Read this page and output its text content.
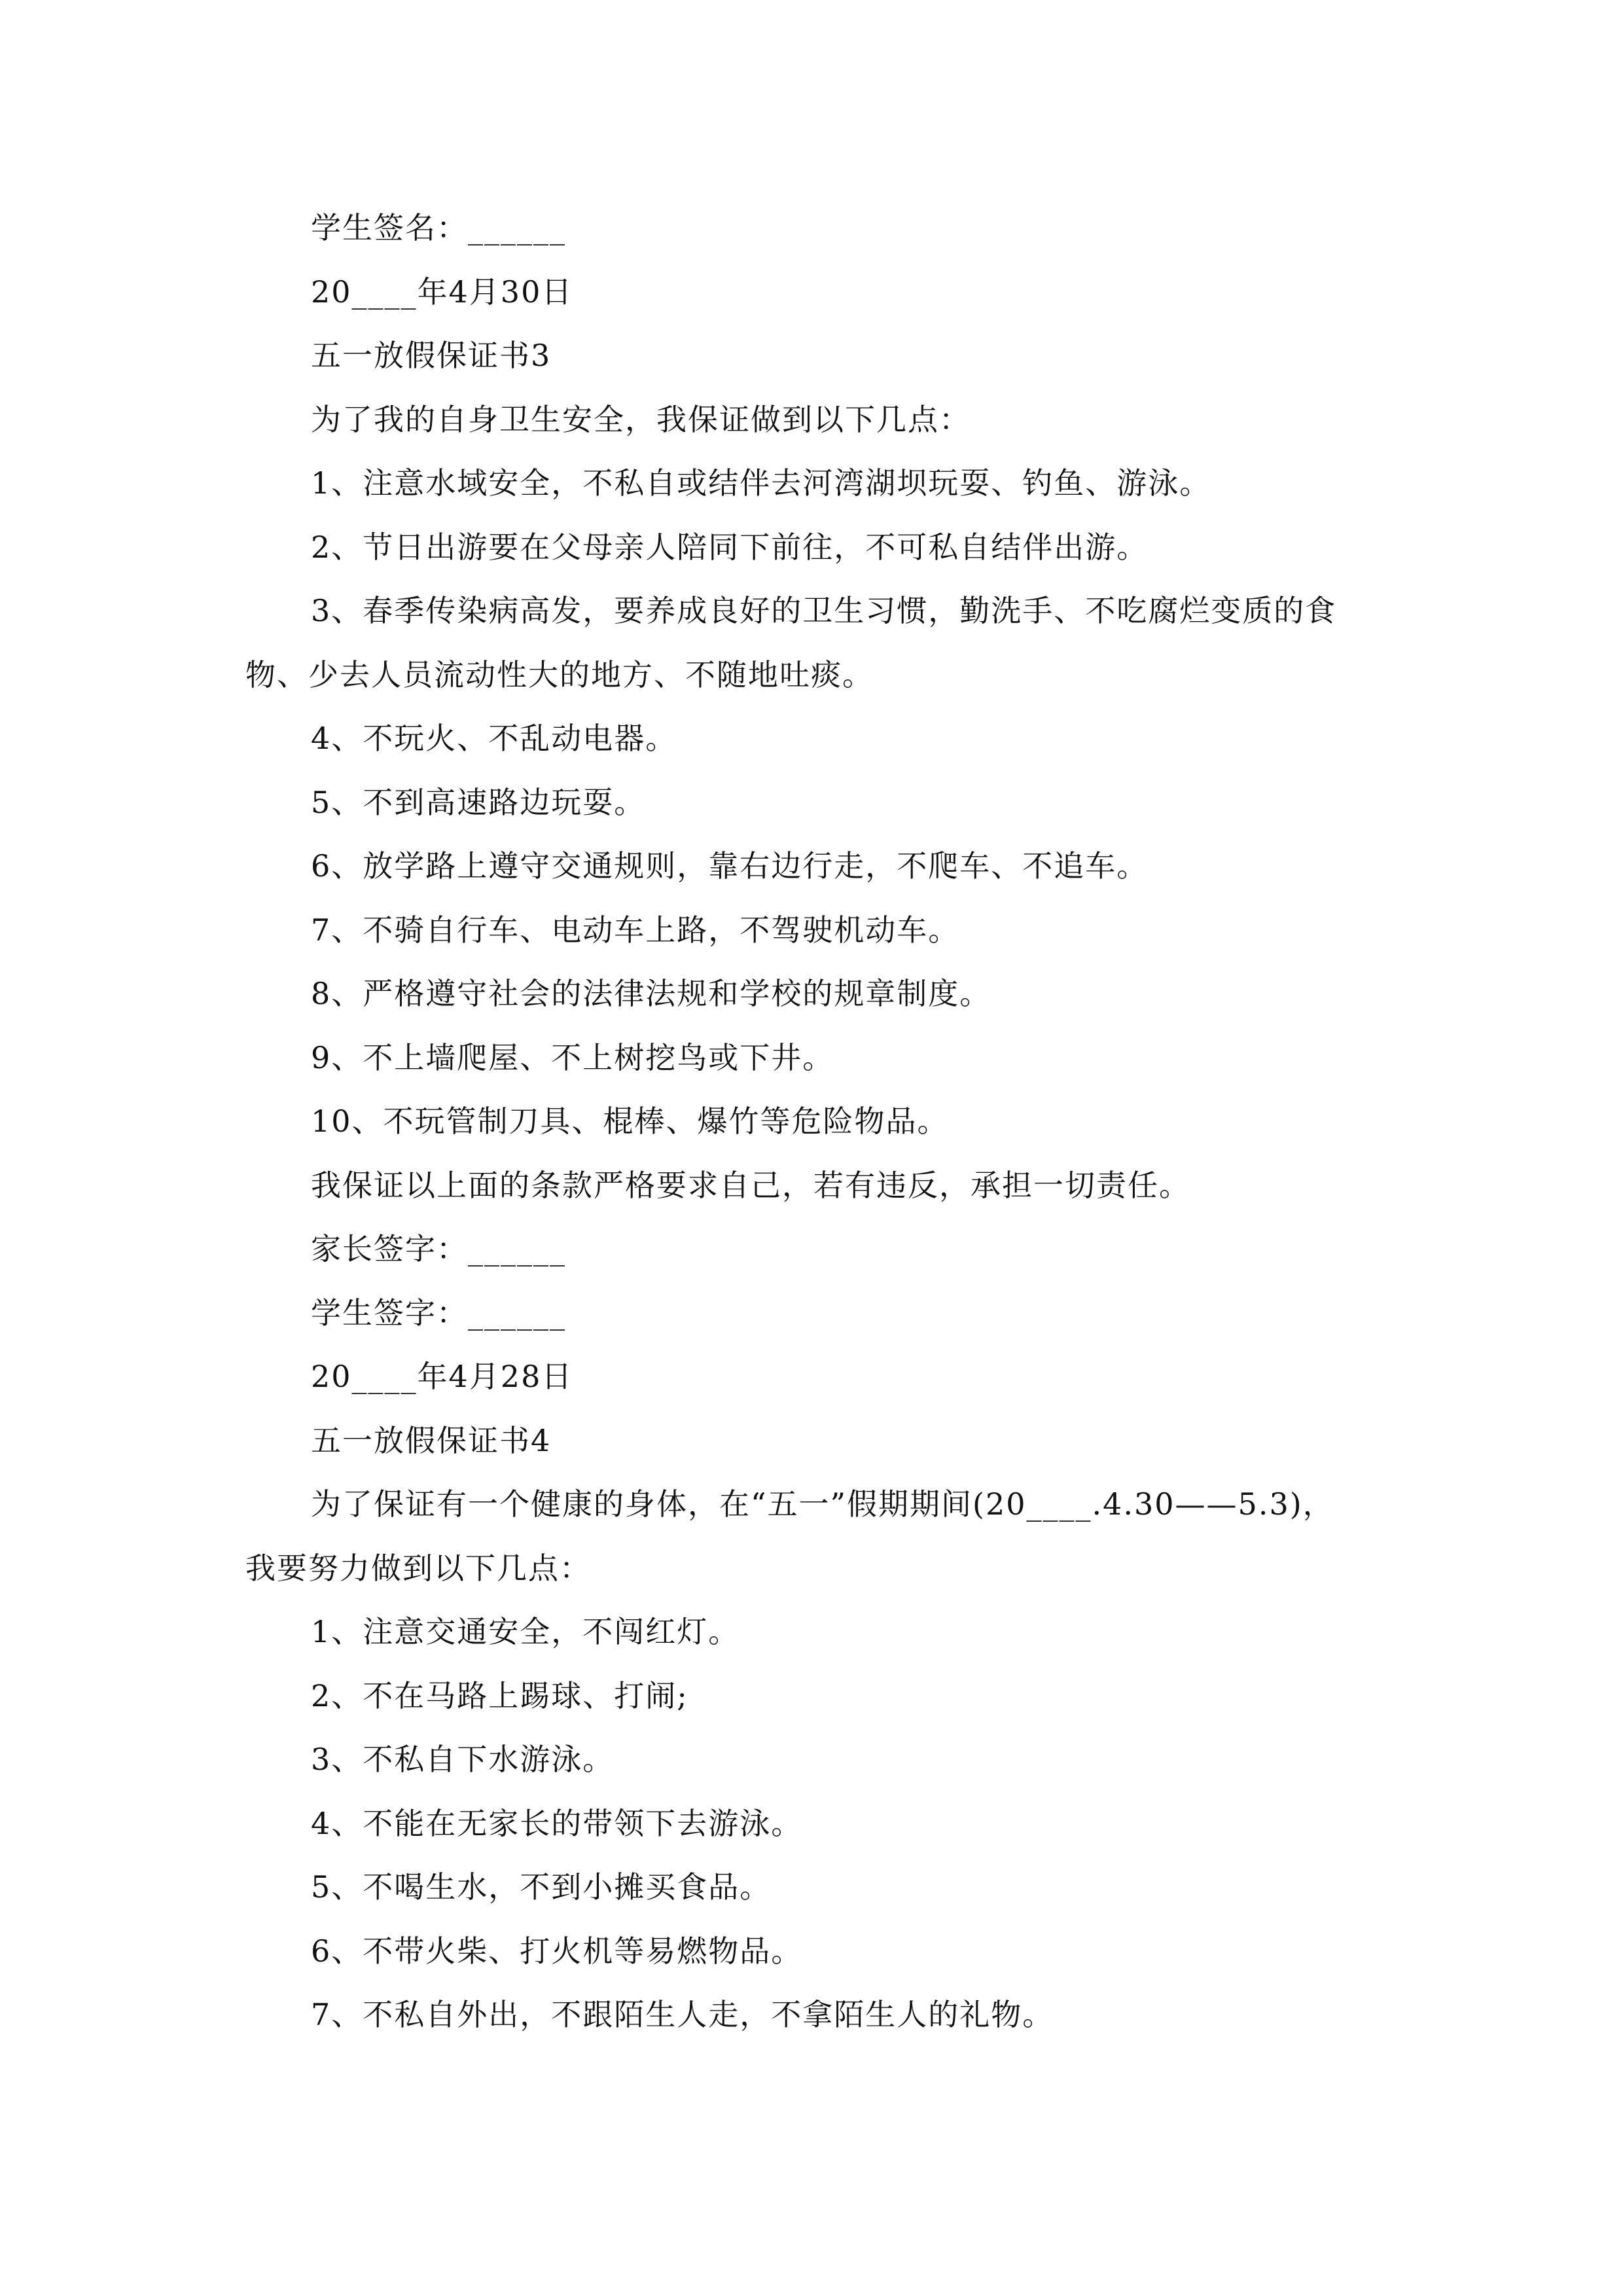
学生签名：______
20____年4月30日
五一放假保证书3
为了我的自身卫生安全，我保证做到以下几点：
1、注意水域安全，不私自或结伴去河湾湖坝玩耍、钓鱼、游泳。
2、节日出游要在父母亲人陪同下前往，不可私自结伴出游。
3、春季传染病高发，要养成良好的卫生习惯，勤洗手、不吃腐烂变质的食
物、少去人员流动性大的地方、不随地吐痰。
4、不玩火、不乱动电器。
5、不到高速路边玩耍。
6、放学路上遵守交通规则，靠右边行走，不爬车、不追车。
7、不骑自行车、电动车上路，不驾驶机动车。
8、严格遵守社会的法律法规和学校的规章制度。
9、不上墙爬屋、不上树挖鸟或下井。
10、不玩管制刀具、棍棒、爆竹等危险物品。
我保证以上面的条款严格要求自己，若有违反，承担一切责任。
家长签字：______
学生签字：______
20____年4月28日
五一放假保证书4
为了保证有一个健康的身体，在“五一”假期期间(20____.4.30——5.3)，
我要努力做到以下几点：
1、注意交通安全，不闯红灯。
2、不在马路上踢球、打闹;
3、不私自下水游泳。
4、不能在无家长的带领下去游泳。
5、不喝生水，不到小摊买食品。
6、不带火柴、打火机等易燃物品。
7、不私自外出，不跟陌生人走，不拿陌生人的礼物。
